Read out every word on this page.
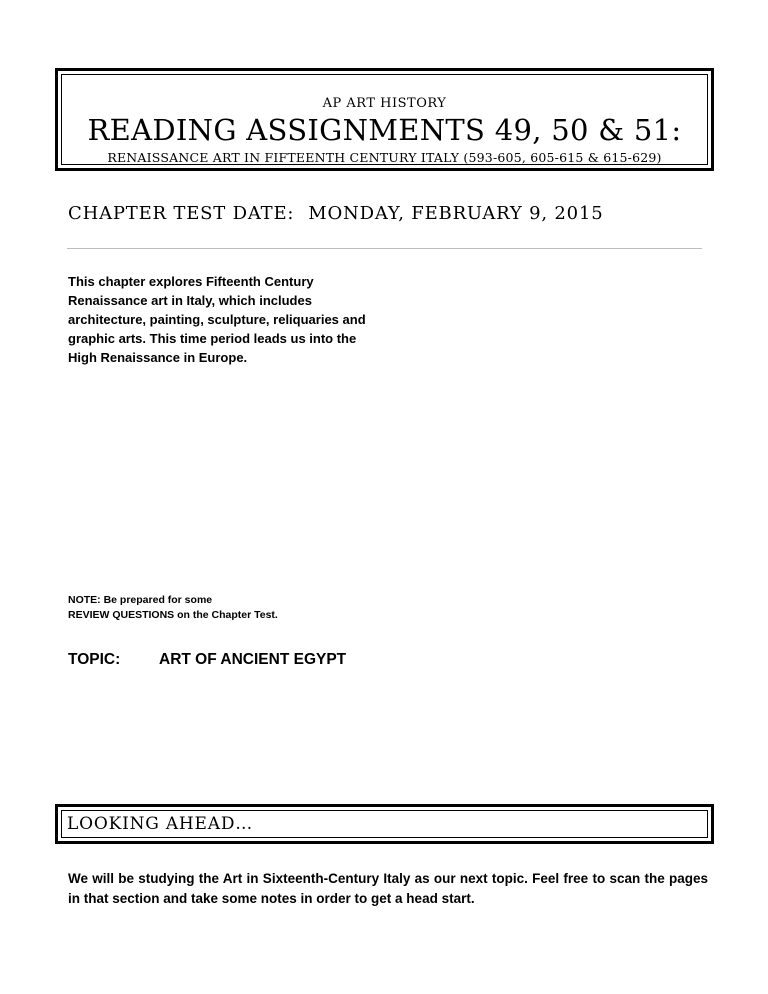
AP ART HISTORY
READING ASSIGNMENTS 49, 50 & 51:
RENAISSANCE ART IN FIFTEENTH CENTURY ITALY (593-605, 605-615 & 615-629)
CHAPTER TEST DATE: MONDAY, FEBRUARY 9, 2015
This chapter explores Fifteenth Century Renaissance art in Italy, which includes architecture, painting, sculpture, reliquaries and graphic arts. This time period leads us into the High Renaissance in Europe.
NOTE: Be prepared for some
REVIEW QUESTIONS on the Chapter Test.
TOPIC:	ART OF ANCIENT EGYPT
LOOKING AHEAD…
We will be studying the Art in Sixteenth-Century Italy as our next topic. Feel free to scan the pages in that section and take some notes in order to get a head start.
